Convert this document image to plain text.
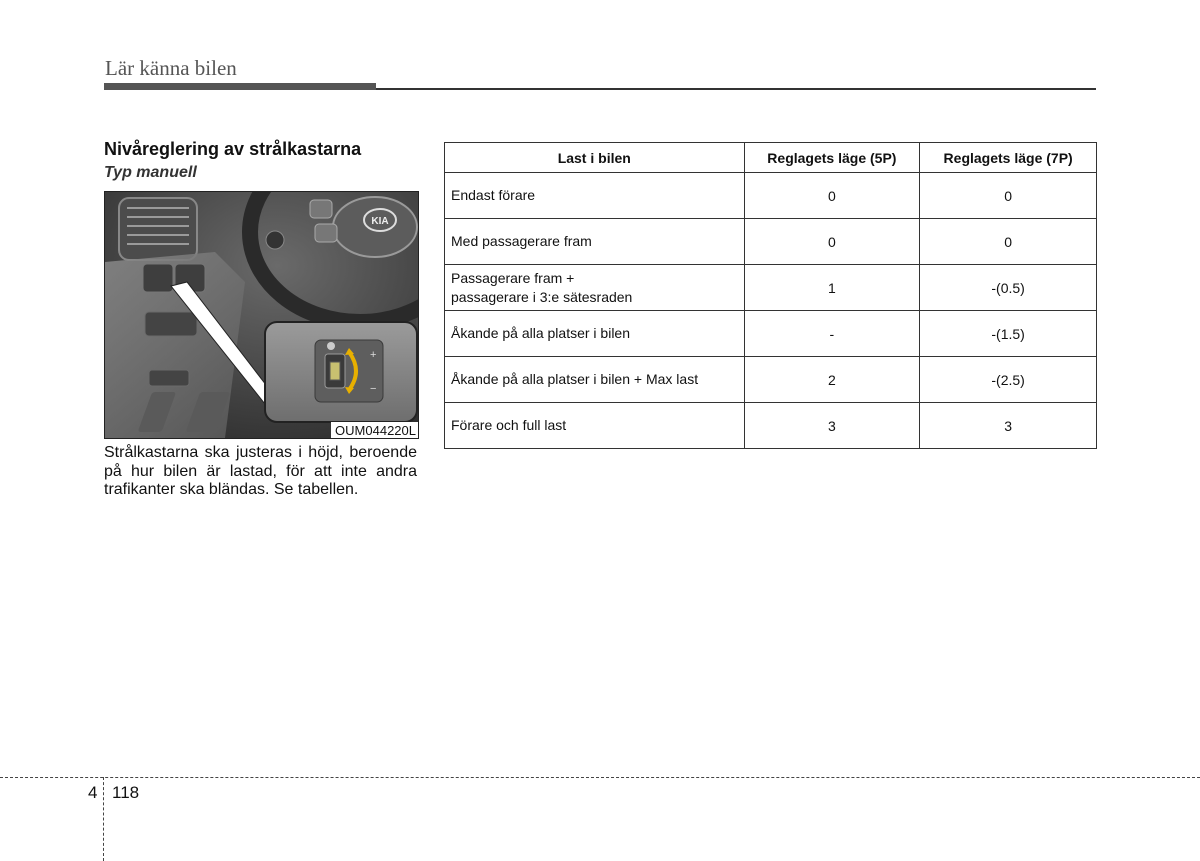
Lär känna bilen
Nivåreglering av strålkastarna
Typ manuell
KIA
+
−
OUM044220L
Strålkastarna ska justeras i höjd, beroende på hur bilen är lastad, för att inte andra trafikanter ska bländas. Se tabellen.
Last i bilen	Reglagets läge (5P)	Reglagets läge (7P)
Endast förare	0	0
Med passagerare fram	0	0
Passagerare fram +
passagerare i 3:e sätesraden	1	-(0.5)
Åkande på alla platser i bilen	-	-(1.5)
Åkande på alla platser i bilen + Max last	2	-(2.5)
Förare och full last	3	3
4 118
